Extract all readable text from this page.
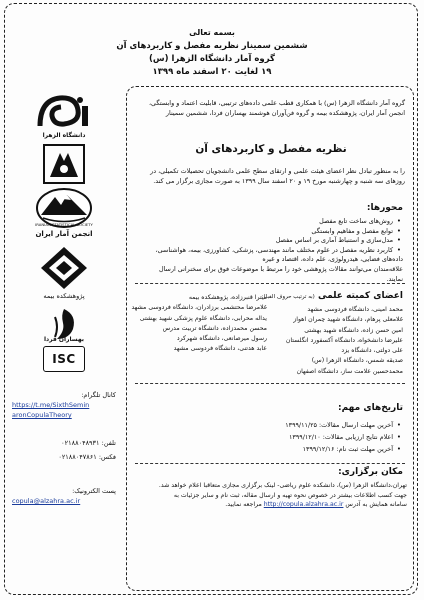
بسمه تعالی
ششمین سمینار نظریه مفصل و کاربردهای آن
گروه آمار دانشگاه الزهرا (س)
۱۹ لغایت ۲۰ اسفند ماه ۱۳۹۹
دانشگاه الزهرا
IRANIAN STATISTICAL SOCIETY
انجمن آمار ایران
پژوهشکده بیمه
بهساران فردا
ISC
کانال تلگرام:
https://t.me/SixthSemin
aronCopulaTheory
تلفن: ۰۲۱۸۸۰۴۸۹۳۱
فکس: ۰۲۱۸۸۰۴۷۸۶۱
پست الکترونیک:
copula@alzahra.ac.ir
گروه آمار دانشگاه الزهرا (س) با همکاری قطب علمی داده‌های ترتیبی، قابلیت اعتماد و وابستگی،
انجمن آمار ایران، پژوهشکده بیمه و گروه فن‌آوران هوشمند بهساران فردا، ششمین سمینار
نظریه مفصل و کاربردهای آن
را به منظور تبادل نظر اعضای هیئت علمی و ارتقای سطح علمی دانشجویان تحصیلات تکمیلی، در
روزهای سه شنبه و چهارشنبه مورخ ۱۹ و ۲۰ اسفند سال ۱۳۹۹ به صورت مجازی برگزار می کند.
محورها:
• روش‌های ساخت تابع مفصل
• توابع مفصل و مفاهیم وابستگی
• مدل‌سازی و استنباط آماری بر اساس مفصل
• کاربرد نظریه مفصل در علوم مختلف مانند مهندسی، پزشکی، کشاورزی، بیمه، هواشناسی،
داده‌های فضایی، هیدرولوژی، علم داده، اقتصاد و غیره
علاقه‌مندان می‌توانند مقالات پژوهشی خود را مرتبط با موضوعات فوق برای سخنرانی ارسال
نمایند.
اعضای کمیته علمی (به ترتیب حروف الفبا):
محمد امینی، دانشگاه فردوسی مشهد
غلامعلی پرهام، دانشگاه شهید چمران اهواز
امین حسن زاده، دانشگاه شهید بهشتی
علیرضا دانشخواه، دانشگاه آکسفورد انگلستان
علی دولتی، دانشگاه یزد
صدیقه شمس، دانشگاه الزهرا (س)
محمدحسین علامت ساز، دانشگاه اصفهان
میترا قنبرزاده، پژوهشکده بیمه
غلامرضا محتشمی برزادران، دانشگاه فردوسی مشهد
یداله محرابی، دانشگاه علوم پزشکی شهید بهشتی
محسن محمدزاده، دانشگاه تربیت مدرس
رسول میرصانعی، دانشگاه شهرکرد
عابد هدتنی، دانشگاه فردوسی مشهد
تاریخ‌های مهم:
• آخرین مهلت ارسال مقالات: ۱۳۹۹/۱۱/۲۵
• اعلام نتایج ارزیابی مقالات: ۱۳۹۹/۱۲/۱۰
• آخرین مهلت ثبت نام: ۱۳۹۹/۱۲/۱۶
مکان برگزاری:
تهران،دانشگاه الزهرا (س)، دانشکده علوم ریاضی- لینک برگزاری مجازی متعاقبا اعلام خواهد شد.
جهت کسب اطلاعات بیشتر در خصوص نحوه تهیه و ارسال مقاله، ثبت نام و سایر جزئیات به
سامانه همایش به آدرس http://copula.alzahra.ac.ir مراجعه نمایید.
